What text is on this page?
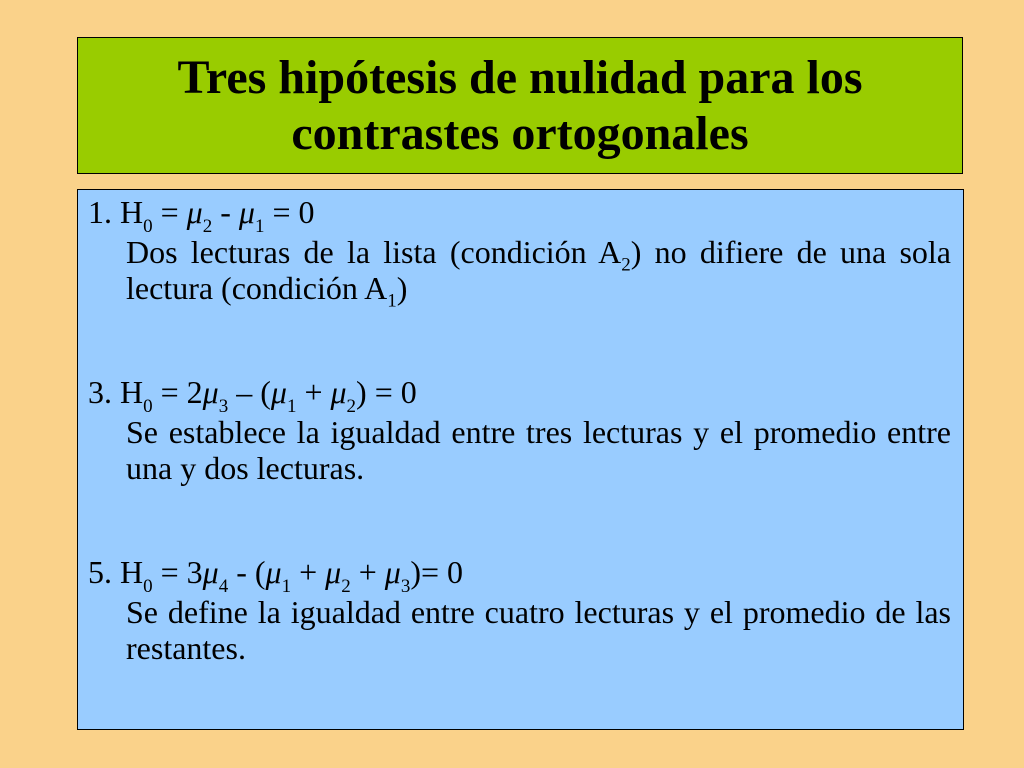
Tres hipótesis de nulidad para los
contrastes ortogonales

1. $H_0 = \mu_2 - \mu_1 = 0$

Dos lecturas de la lista (condición $A_2$) no difiere de una sola lectura (condición $A_1$)

3. $H_0 = 2\mu_3 - (\mu_1 + \mu_2) = 0$

Se establece la igualdad entre tres lecturas y el promedio entre una y dos lecturas.

5. $H_0 = 3\mu_4 - (\mu_1 + \mu_2 + \mu_3)= 0$

Se define la igualdad entre cuatro lecturas y el promedio de las restantes.
